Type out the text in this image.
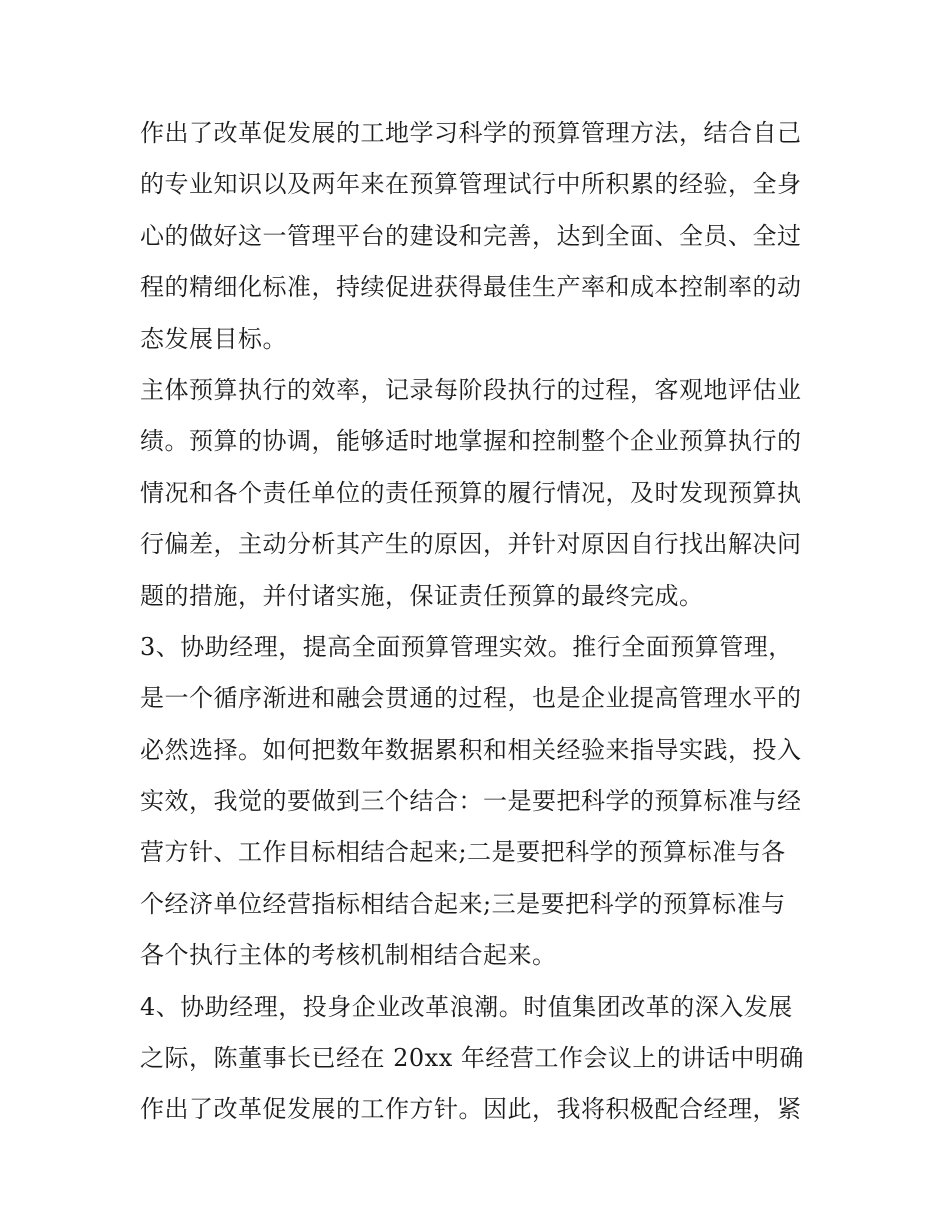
作出了改革促发展的工地学习科学的预算管理方法，结合自己
的专业知识以及两年来在预算管理试行中所积累的经验，全身
心的做好这一管理平台的建设和完善，达到全面、全员、全过
程的精细化标准，持续促进获得最佳生产率和成本控制率的动
态发展目标。
主体预算执行的效率，记录每阶段执行的过程，客观地评估业
绩。预算的协调，能够适时地掌握和控制整个企业预算执行的
情况和各个责任单位的责任预算的履行情况，及时发现预算执
行偏差，主动分析其产生的原因，并针对原因自行找出解决问
题的措施，并付诸实施，保证责任预算的最终完成。
3、协助经理，提高全面预算管理实效。推行全面预算管理，
是一个循序渐进和融会贯通的过程，也是企业提高管理水平的
必然选择。如何把数年数据累积和相关经验来指导实践，投入
实效，我觉的要做到三个结合：一是要把科学的预算标准与经
营方针、工作目标相结合起来;二是要把科学的预算标准与各
个经济单位经营指标相结合起来;三是要把科学的预算标准与
各个执行主体的考核机制相结合起来。
4、协助经理，投身企业改革浪潮。时值集团改革的深入发展
之际，陈董事长已经在 20xx 年经营工作会议上的讲话中明确
作出了改革促发展的工作方针。因此，我将积极配合经理，紧
